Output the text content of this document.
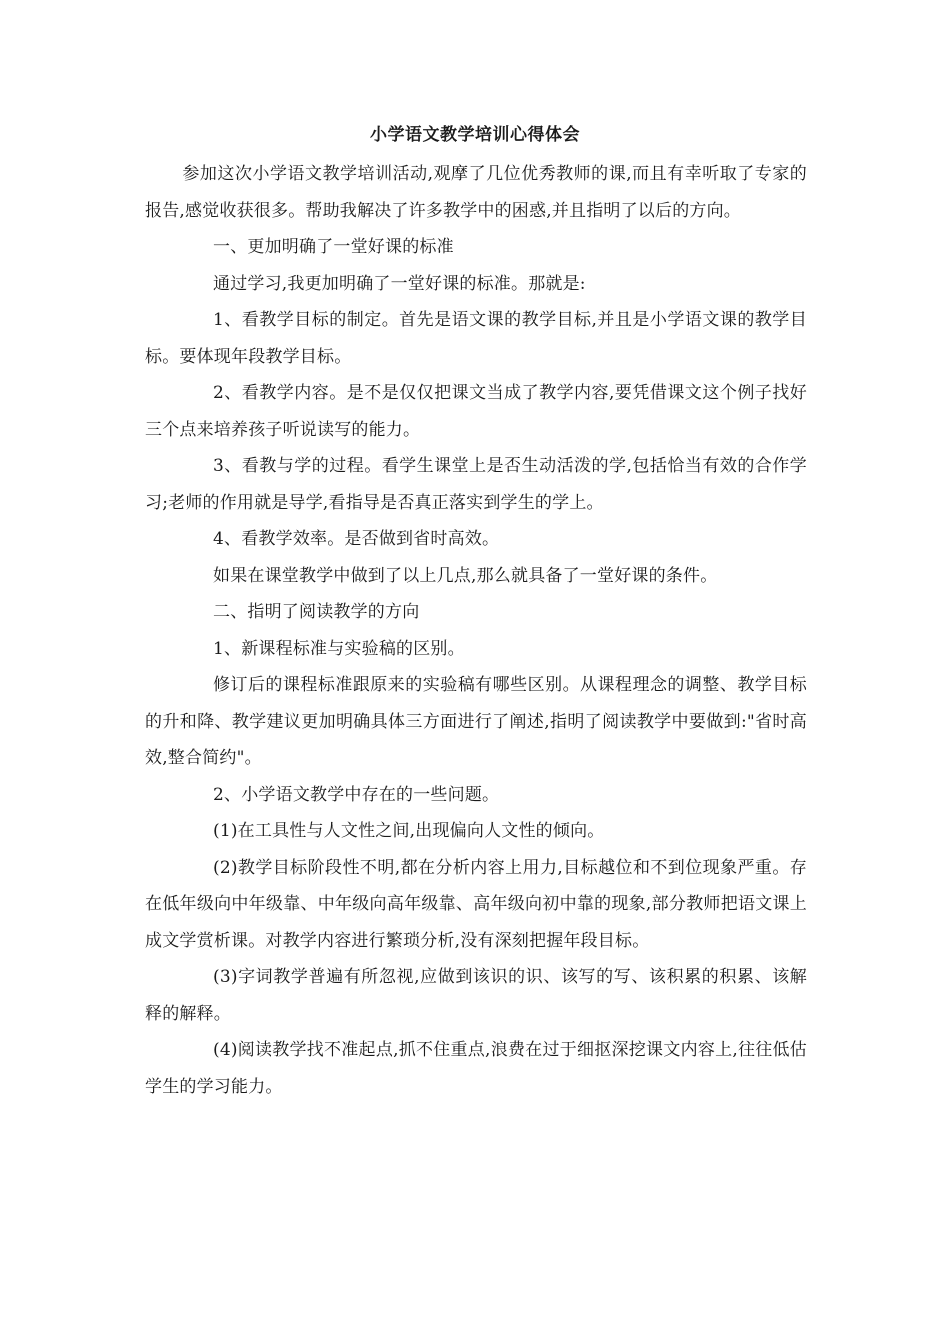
小学语文教学培训心得体会

参加这次小学语文教学培训活动,观摩了几位优秀教师的课,而且有幸听取了专家的报告,感觉收获很多。帮助我解决了许多教学中的困惑,并且指明了以后的方向。

一、更加明确了一堂好课的标准

通过学习,我更加明确了一堂好课的标准。那就是:

1、看教学目标的制定。首先是语文课的教学目标,并且是小学语文课的教学目标。要体现年段教学目标。

2、看教学内容。是不是仅仅把课文当成了教学内容,要凭借课文这个例子找好三个点来培养孩子听说读写的能力。

3、看教与学的过程。看学生课堂上是否生动活泼的学,包括恰当有效的合作学习;老师的作用就是导学,看指导是否真正落实到学生的学上。

4、看教学效率。是否做到省时高效。

如果在课堂教学中做到了以上几点,那么就具备了一堂好课的条件。

二、指明了阅读教学的方向

1、新课程标准与实验稿的区别。

修订后的课程标准跟原来的实验稿有哪些区别。从课程理念的调整、教学目标的升和降、教学建议更加明确具体三方面进行了阐述,指明了阅读教学中要做到:"省时高效,整合简约"。

2、小学语文教学中存在的一些问题。

(1)在工具性与人文性之间,出现偏向人文性的倾向。

(2)教学目标阶段性不明,都在分析内容上用力,目标越位和不到位现象严重。存在低年级向中年级靠、中年级向高年级靠、高年级向初中靠的现象,部分教师把语文课上成文学赏析课。对教学内容进行繁琐分析,没有深刻把握年段目标。

(3)字词教学普遍有所忽视,应做到该识的识、该写的写、该积累的积累、该解释的解释。

(4)阅读教学找不准起点,抓不住重点,浪费在过于细抠深挖课文内容上,往往低估学生的学习能力。
